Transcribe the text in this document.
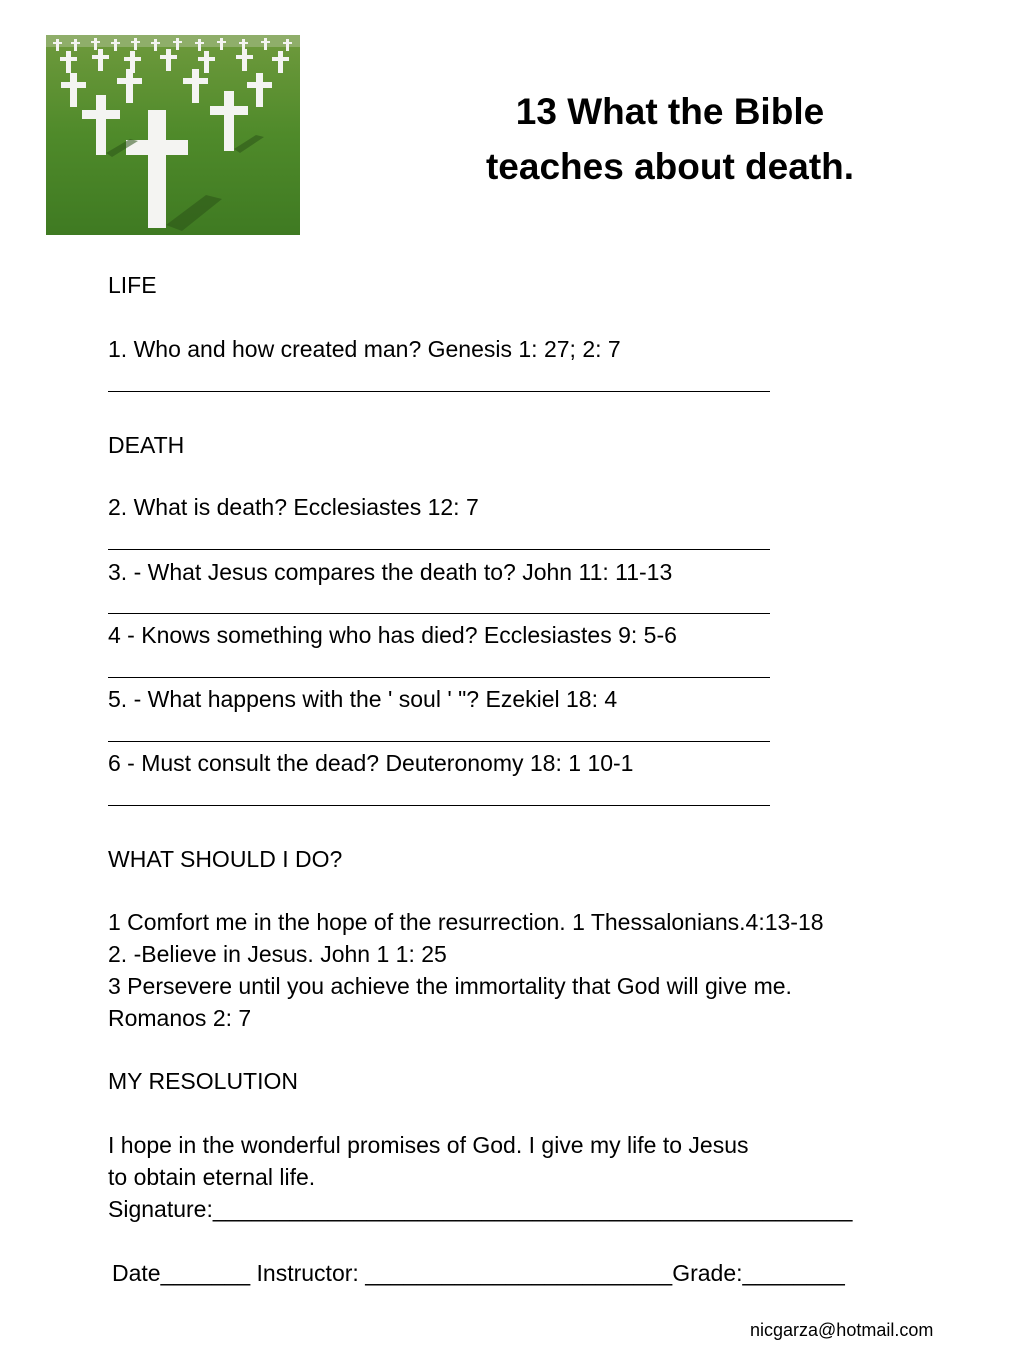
13 What the Bible
teaches about death.
LIFE
1. Who and how created man? Genesis 1: 27; 2: 7
DEATH
2. What is death? Ecclesiastes 12: 7
3. - What Jesus compares the death to? John 11: 11-13
4 - Knows something who has died? Ecclesiastes 9: 5-6
5. - What happens with the ' soul ' "? Ezekiel 18: 4
6 - Must consult the dead? Deuteronomy 18: 1 10-1
WHAT SHOULD I DO?
1 Comfort me in the hope of the resurrection. 1 Thessalonians.4:13-18
2. -Believe in Jesus. John 1 1: 25
3 Persevere until you achieve the immortality that God will give me.
Romanos 2: 7
MY RESOLUTION
I hope in the wonderful promises of God. I give my life to Jesus
to obtain eternal life.
Signature:__________________________________________________
Date_______ Instructor: ________________________Grade:________
nicgarza@hotmail.com
